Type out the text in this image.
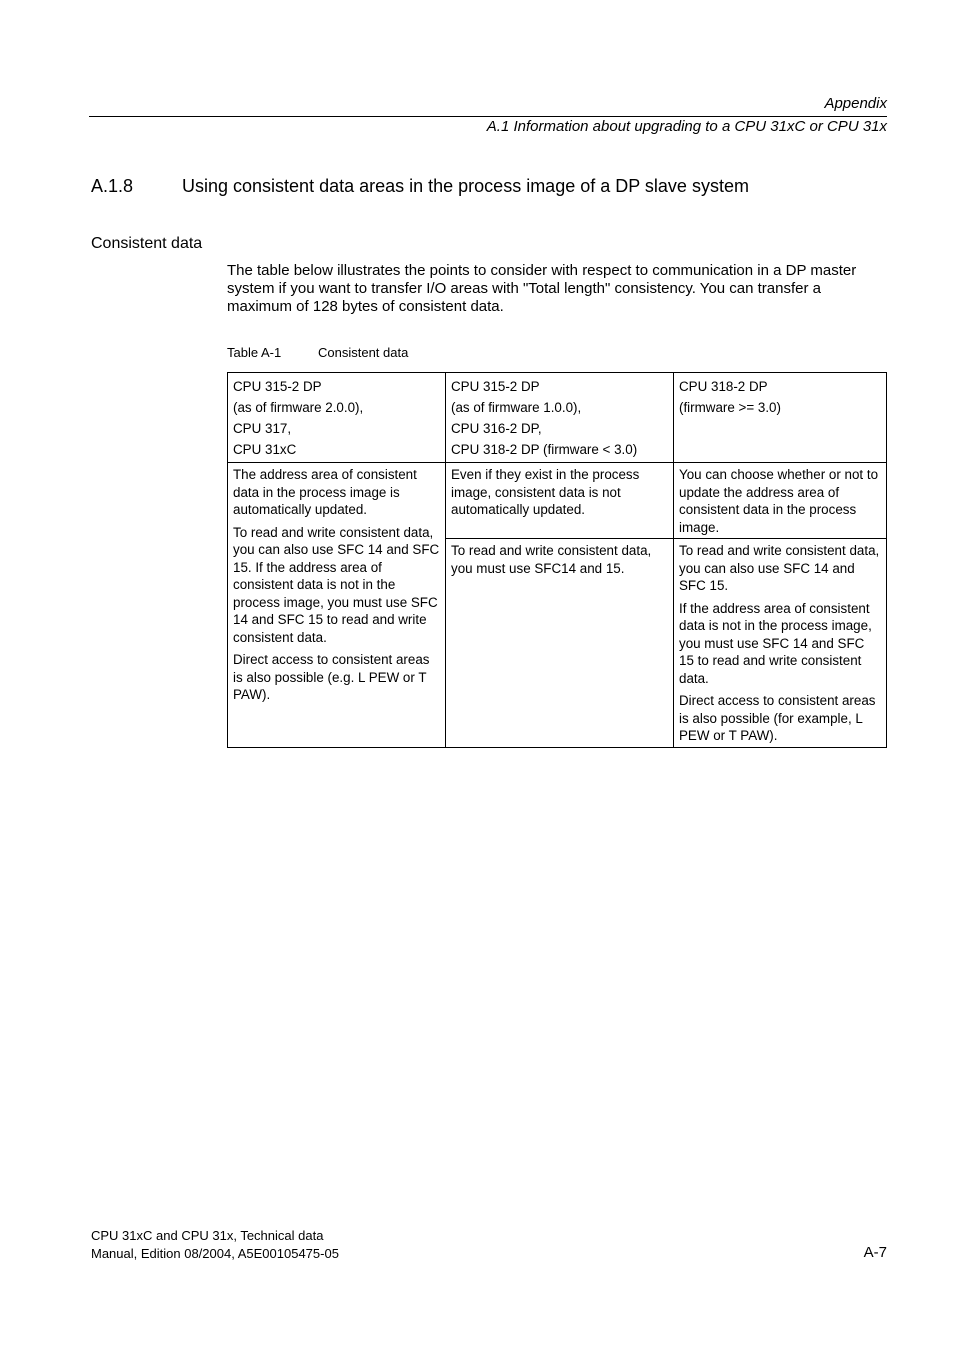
Appendix
A.1 Information about upgrading to a CPU 31xC or CPU 31x
A.1.8	Using consistent data areas in the process image of a DP slave system
Consistent data
The table below illustrates the points to consider with respect to communication in a DP master system if you want to transfer I/O areas with "Total length" consistency. You can transfer a maximum of 128 bytes of consistent data.
Table A-1	Consistent data
CPU 315-2 DP
(as of firmware 2.0.0),
CPU 317,
CPU 31xC	CPU 315-2 DP
(as of firmware 1.0.0),
CPU 316-2 DP,
CPU 318-2 DP (firmware < 3.0)	CPU 318-2 DP
(firmware >= 3.0)

The address area of consistent data in the process image is automatically updated.
To read and write consistent data, you can also use SFC 14 and SFC 15. If the address area of consistent data is not in the process image, you must use SFC 14 and SFC 15 to read and write consistent data.
Direct access to consistent areas is also possible (e.g. L PEW or T PAW).	Even if they exist in the process image, consistent data is not automatically updated.	You can choose whether or not to update the address area of consistent data in the process image.

	To read and write consistent data, you must use SFC14 and 15.	To read and write consistent data, you can also use SFC 14 and SFC 15.
If the address area of consistent data is not in the process image, you must use SFC 14 and SFC 15 to read and write consistent data.
Direct access to consistent areas is also possible (for example, L PEW or T PAW).
CPU 31xC and CPU 31x, Technical data
Manual, Edition 08/2004, A5E00105475-05	A-7
